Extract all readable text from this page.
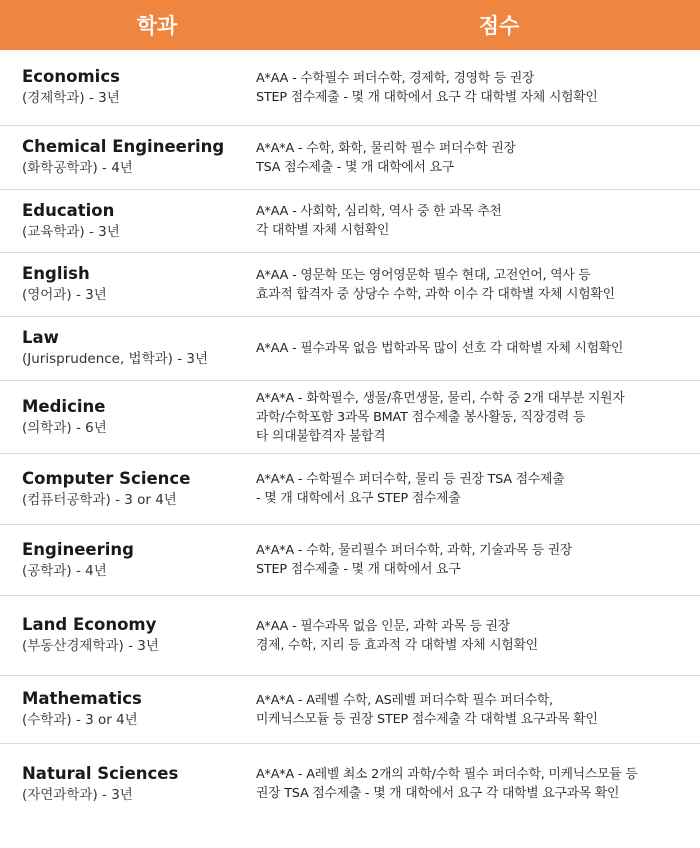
학과	점수
Economics
(경제학과) - 3년
A*AA - 수학필수 퍼더수학, 경제학, 경영학 등 권장
STEP 점수제출 - 몇 개 대학에서 요구 각 대학별 자체 시험확인
Chemical Engineering
(화학공학과) - 4년
A*A*A - 수학, 화학, 물리학 필수 퍼더수학 권장
TSA 점수제출 - 몇 개 대학에서 요구
Education
(교육학과) - 3년
A*AA - 사회학, 심리학, 역사 중 한 과목 추천
각 대학별 자체 시험확인
English
(영어과) - 3년
A*AA - 영문학 또는 영어영문학 필수 현대, 고전언어, 역사 등
효과적 합격자 중 상당수 수학, 과학 이수 각 대학별 자체 시험확인
Law
(Jurisprudence, 법학과) - 3년
A*AA - 필수과목 없음 법학과목 많이 선호 각 대학별 자체 시험확인
Medicine
(의학과) - 6년
A*A*A - 화학필수, 생물/휴먼생물, 물리, 수학 중 2개 대부분 지원자
과학/수학포함 3과목 BMAT 점수제출 봉사활동, 직장경력 등
타 의대불합격자 불합격
Computer Science
(컴퓨터공학과) - 3 or 4년
A*A*A - 수학필수 퍼더수학, 물리 등 권장 TSA 점수제출
- 몇 개 대학에서 요구 STEP 점수제출
Engineering
(공학과) - 4년
A*A*A - 수학, 물리필수 퍼더수학, 과학, 기술과목 등 권장
STEP 점수제출 - 몇 개 대학에서 요구
Land Economy
(부동산경제학과) - 3년
A*AA - 필수과목 없음 인문, 과학 과목 등 권장
경제, 수학, 지리 등 효과적 각 대학별 자체 시험확인
Mathematics
(수학과) - 3 or 4년
A*A*A - A레벨 수학, AS레벨 퍼더수학 필수 퍼더수학,
미케닉스모듈 등 권장 STEP 점수제출 각 대학별 요구과목 확인
Natural Sciences
(자연과학과) - 3년
A*A*A - A레벨 최소 2개의 과학/수학 필수 퍼더수학, 미케닉스모듈 등
권장 TSA 점수제출 - 몇 개 대학에서 요구 각 대학별 요구과목 확인
